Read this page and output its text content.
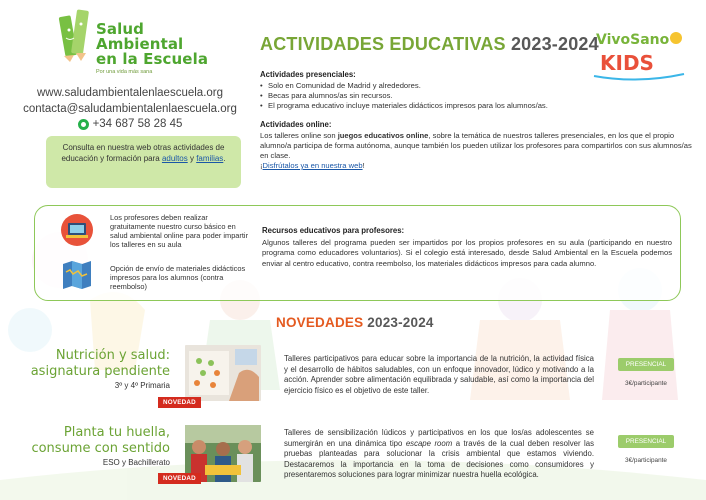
Salud Ambiental
en la Escuela
Por una vida más sana
ACTIVIDADES EDUCATIVAS 2023-2024
VivoSano
KIDS
www.saludambientalenlaescuela.org
contacta@saludambientalenlaescuela.org
+34 687 58 28 45
Consulta en nuestra web otras actividades de educación y formación para adultos y familias.
Actividades presenciales:
• Solo en Comunidad de Madrid y alrededores.
• Becas para alumnos/as sin recursos.
• El programa educativo incluye materiales didácticos impresos para los alumnos/as.
Actividades online:

Los talleres online son juegos educativos online, sobre la temática de nuestros talleres presenciales, en los que el propio alumno/a participa de forma autónoma, aunque también los pueden utilizar los profesores para compartirlos con sus alumnos/as en clase.

¡Disfrútalos ya en nuestra web!

Los profesores deben realizar gratuitamente nuestro curso básico en salud ambiental online para poder impartir los talleres en su aula
Opción de envío de materiales didácticos impresos para los alumnos (contra reembolso)
Recursos educativos para profesores:

Algunos talleres del programa pueden ser impartidos por los propios profesores en su aula (participando en nuestro programa como educadores voluntarios). Si el colegio está interesado, desde Salud Ambiental en la Escuela podemos enviar al centro educativo, contra reembolso, los materiales didácticos impresos para cada alumno.

NOVEDADES 2023-2024
Nutrición y salud:
asignatura pendiente
3º y 4º Primaria
NOVEDAD
Talleres participativos para educar sobre la importancia de la nutrición, la actividad física y el desarrollo de hábitos saludables, con un enfoque innovador, lúdico y motivando a la acción. Aprender sobre alimentación equilibrada y saludable, así como la importancia del ejercicio físico es el objetivo de este taller.
PRESENCIAL
3€/participante
Planta tu huella,
consume con sentido
ESO y Bachillerato
NOVEDAD
Talleres de sensibilización lúdicos y participativos en los que los/as adolescentes se sumergirán en una dinámica tipo escape room a través de la cual deben resolver las pruebas planteadas para solucionar la crisis ambiental que estamos viviendo. Destacaremos la importancia en la toma de decisiones como consumidores y presentaremos soluciones para lograr minimizar nuestra huella ecológica.
PRESENCIAL
3€/participante
